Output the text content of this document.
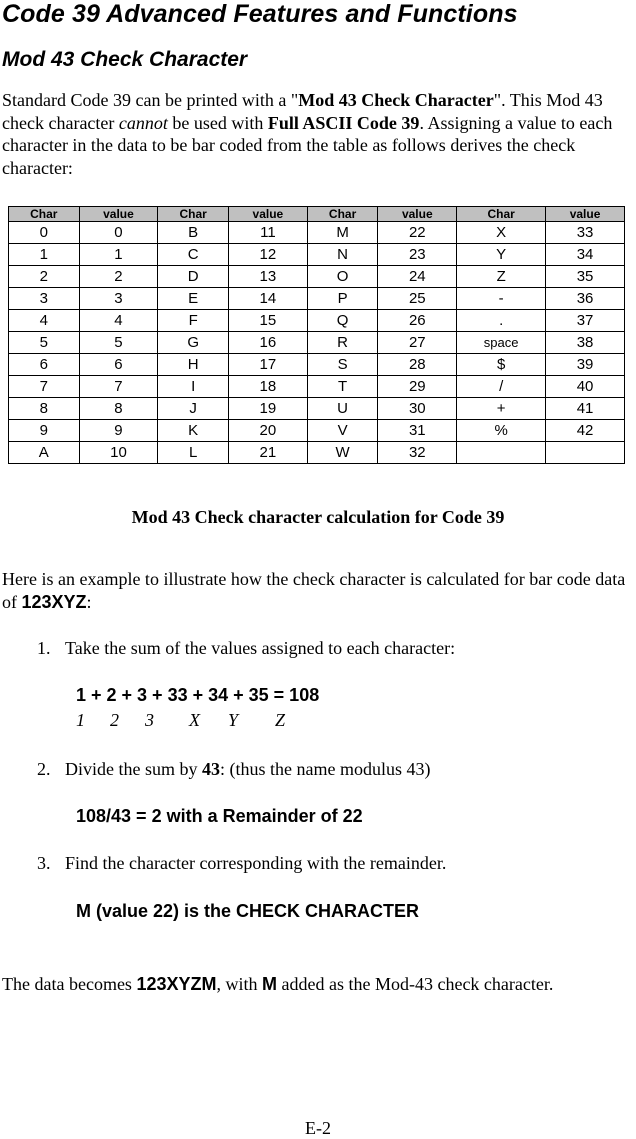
Code 39 Advanced Features and Functions
Mod 43 Check Character
Standard Code 39 can be printed with a "Mod 43 Check Character". This Mod 43 check character cannot be used with Full ASCII Code 39. Assigning a value to each character in the data to be bar coded from the table as follows derives the check character:
Char	value	Char	value	Char	value	Char	value
0	0	B	11	M	22	X	33
1	1	C	12	N	23	Y	34
2	2	D	13	O	24	Z	35
3	3	E	14	P	25	-	36
4	4	F	15	Q	26	.	37
5	5	G	16	R	27	space	38
6	6	H	17	S	28	$	39
7	7	I	18	T	29	/	40
8	8	J	19	U	30	+	41
9	9	K	20	V	31	%	42
A	10	L	21	W	32		
Mod 43 Check character calculation for Code 39
Here is an example to illustrate how the check character is calculated for bar code data of 123XYZ:
1. Take the sum of the values assigned to each character:
1 + 2 + 3 + 33 + 34 + 35 = 108
1 2 3 X Y Z
2. Divide the sum by 43: (thus the name modulus 43)
108/43 = 2 with a Remainder of 22
3. Find the character corresponding with the remainder.
M (value 22) is the CHECK CHARACTER
The data becomes 123XYZM, with M added as the Mod-43 check character.
E-2
